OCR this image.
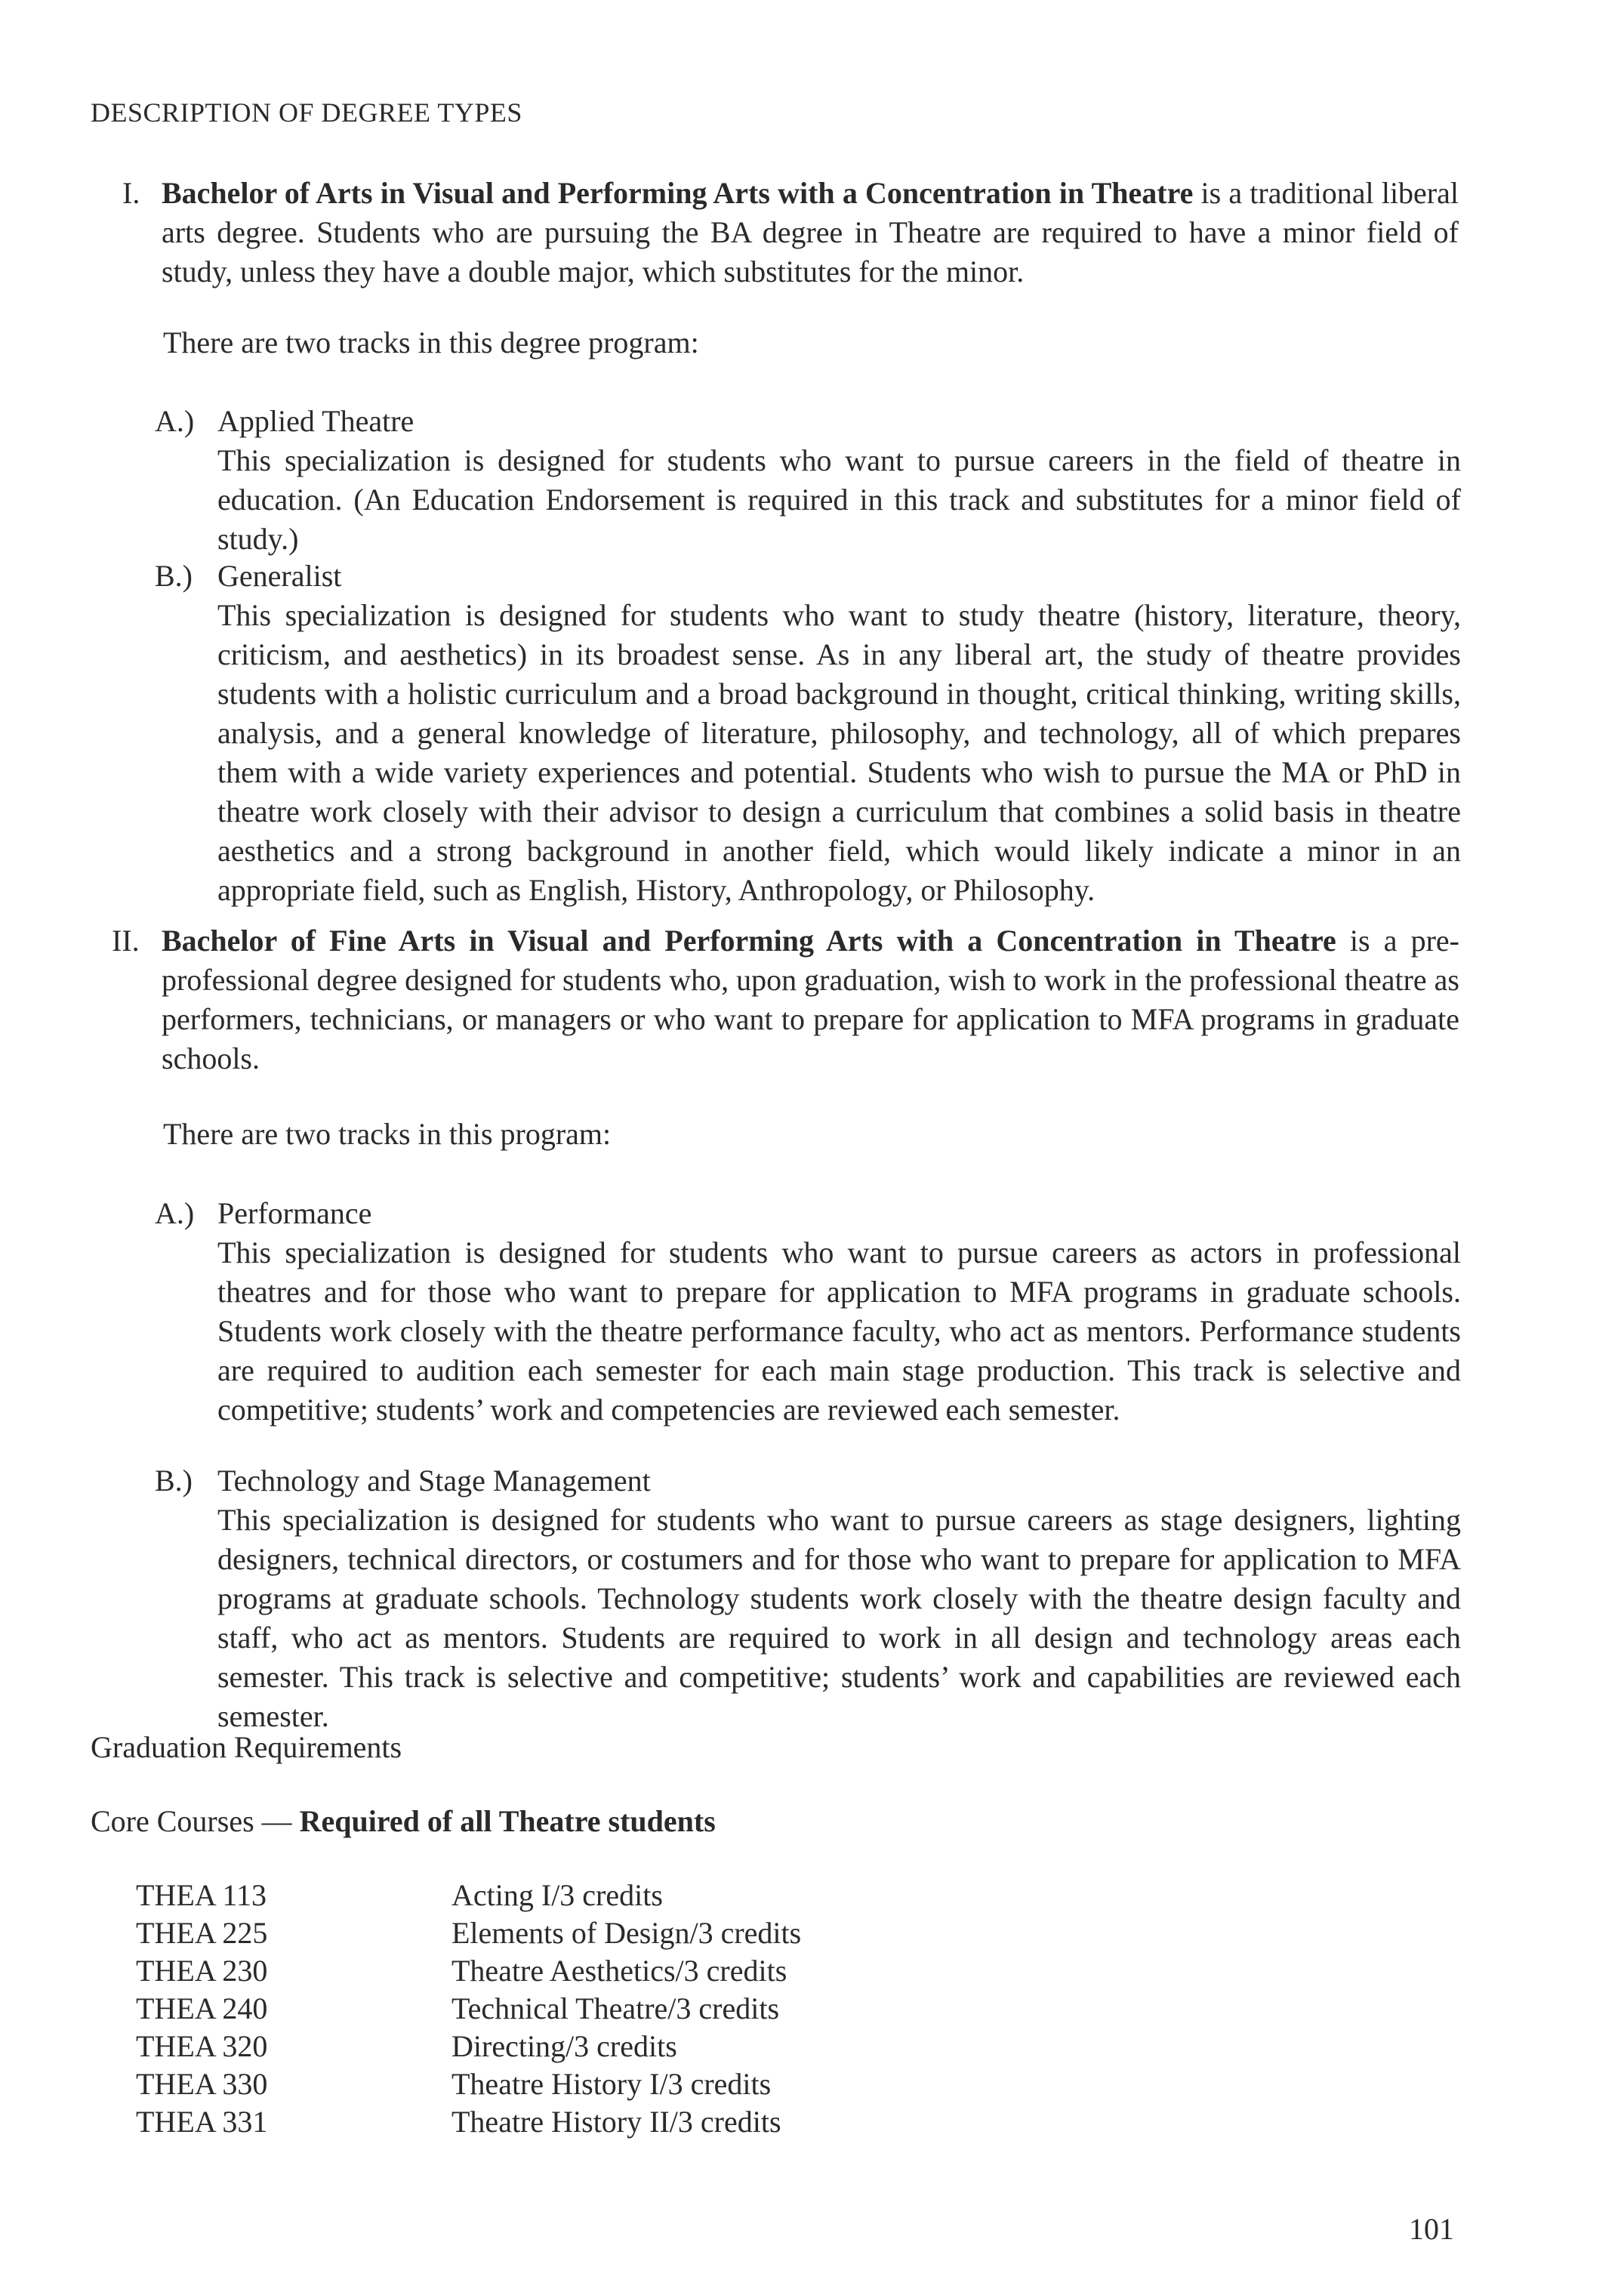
DESCRIPTION OF DEGREE TYPES
I. Bachelor of Arts in Visual and Performing Arts with a Concentration in Theatre is a traditional liberal arts degree. Students who are pursuing the BA degree in Theatre are required to have a minor field of study, unless they have a double major, which substitutes for the minor.
There are two tracks in this degree program:
A.) Applied Theatre
This specialization is designed for students who want to pursue careers in the field of theatre in education. (An Education Endorsement is required in this track and substitutes for a minor field of study.)
B.) Generalist
This specialization is designed for students who want to study theatre (history, literature, theory, criticism, and aesthetics) in its broadest sense. As in any liberal art, the study of theatre provides students with a holistic curriculum and a broad background in thought, critical thinking, writing skills, analysis, and a general knowledge of literature, philosophy, and technology, all of which prepares them with a wide variety experiences and potential. Students who wish to pursue the MA or PhD in theatre work closely with their advisor to design a curriculum that combines a solid basis in theatre aesthetics and a strong background in another field, which would likely indicate a minor in an appropriate field, such as English, History, Anthropology, or Philosophy.
II. Bachelor of Fine Arts in Visual and Performing Arts with a Concentration in Theatre is a pre-professional degree designed for students who, upon graduation, wish to work in the professional theatre as performers, technicians, or managers or who want to prepare for application to MFA programs in graduate schools.
There are two tracks in this program:
A.) Performance
This specialization is designed for students who want to pursue careers as actors in professional theatres and for those who want to prepare for application to MFA programs in graduate schools. Students work closely with the theatre performance faculty, who act as mentors. Performance students are required to audition each semester for each main stage production. This track is selective and competitive; students’ work and competencies are reviewed each semester.
B.) Technology and Stage Management
This specialization is designed for students who want to pursue careers as stage designers, lighting designers, technical directors, or costumers and for those who want to prepare for application to MFA programs at graduate schools. Technology students work closely with the theatre design faculty and staff, who act as mentors. Students are required to work in all design and technology areas each semester. This track is selective and competitive; students’ work and capabilities are reviewed each semester.
Graduation Requirements
Core Courses — Required of all Theatre students
THEA 113	Acting I/3 credits
THEA 225	Elements of Design/3 credits
THEA 230	Theatre Aesthetics/3 credits
THEA 240	Technical Theatre/3 credits
THEA 320	Directing/3 credits
THEA 330	Theatre History I/3 credits
THEA 331	Theatre History II/3 credits
101
